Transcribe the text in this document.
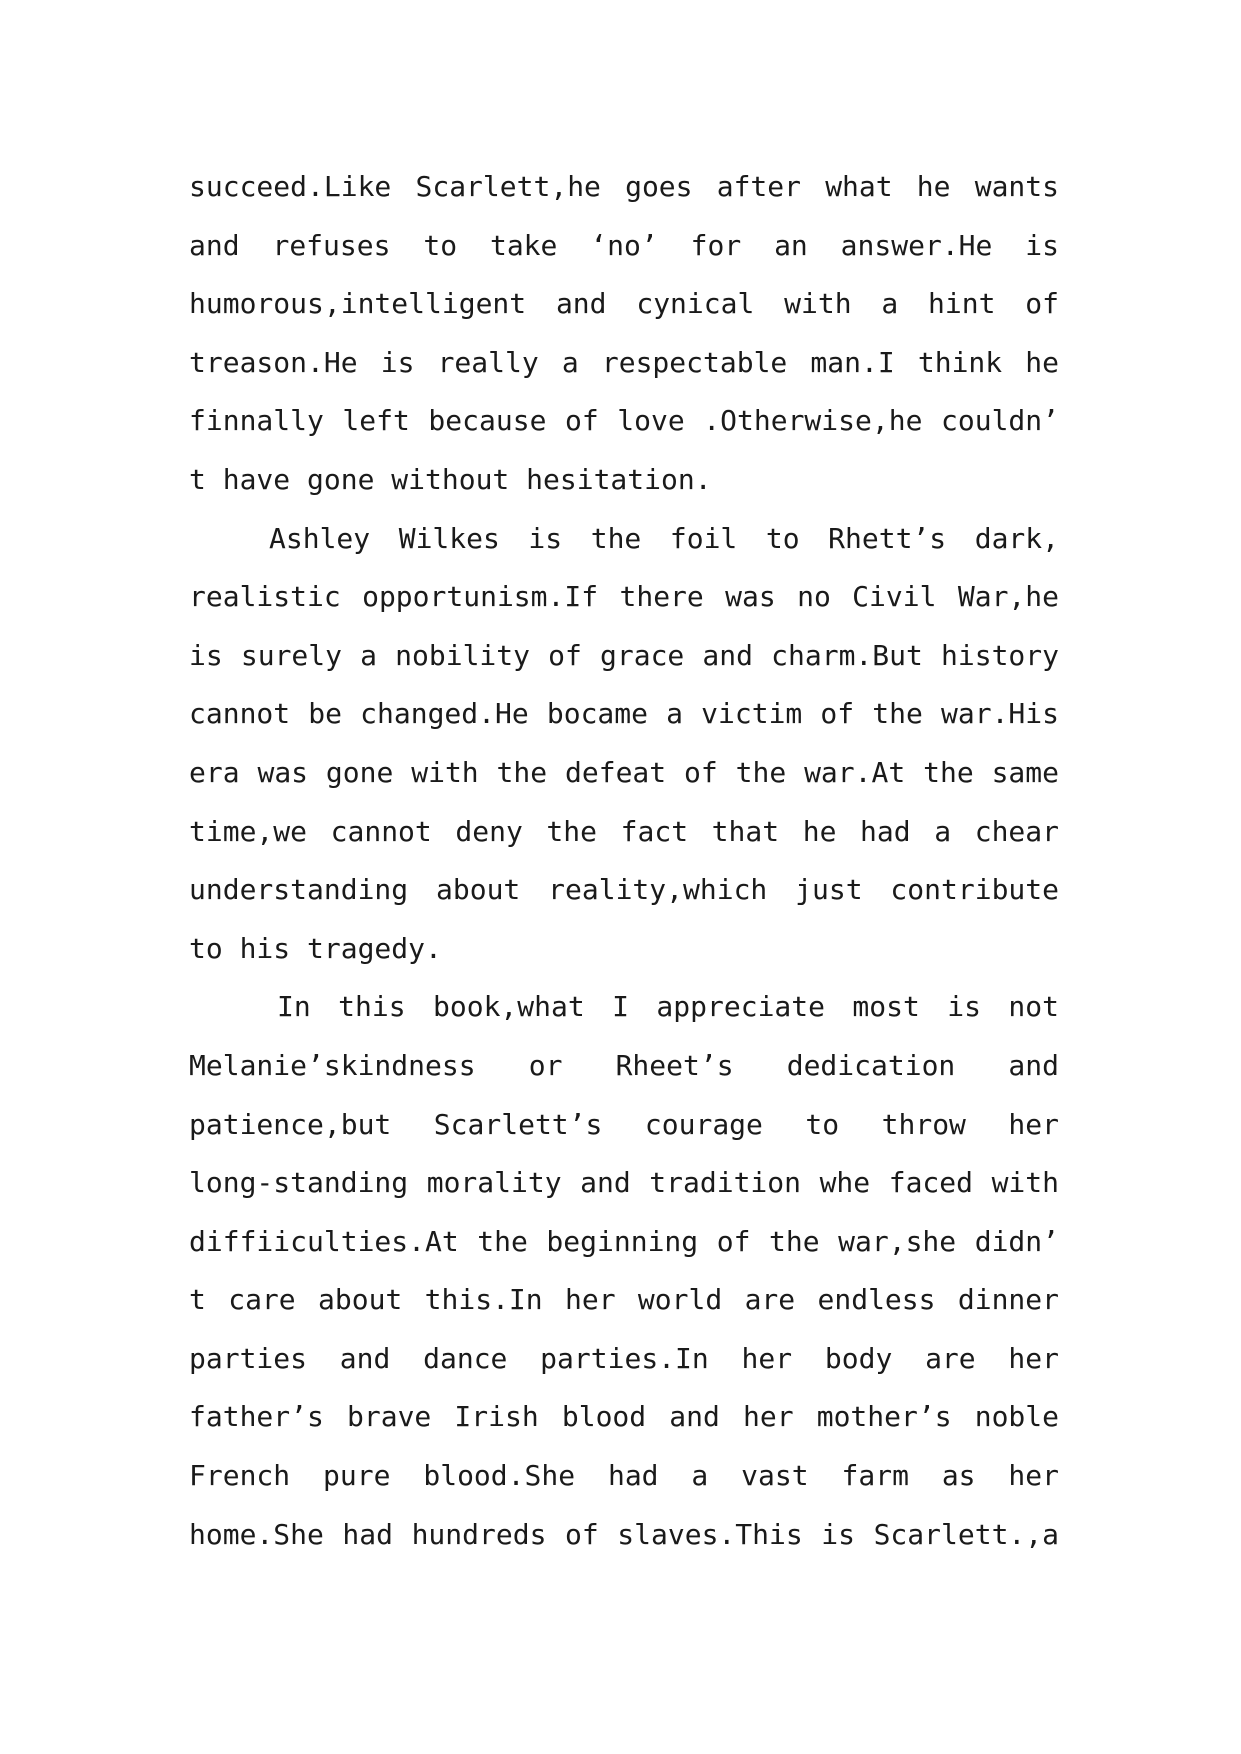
succeed.Like Scarlett,he goes after what he wants
and refuses to take ‘no’ for an answer.He is
humorous,intelligent and cynical with a hint of
treason.He is really a respectable man.I think he
finnally left because of love .Otherwise,he couldn’
t have gone without hesitation.
Ashley Wilkes is the foil to Rhett’s dark,
realistic opportunism.If there was no Civil War,he
is surely a nobility of grace and charm.But history
cannot be changed.He bocame a victim of the war.His
era was gone with the defeat of the war.At the same
time,we cannot deny the fact that he had a chear
understanding about reality,which just contribute
to his tragedy.
In this book,what I appreciate most is not
Melanie’skindness or Rheet’s dedication and
patience,but Scarlett’s courage to throw her
long-standing morality and tradition whe faced with
diffiiculties.At the beginning of the war,she didn’
t care about this.In her world are endless dinner
parties and dance parties.In her body are her
father’s brave Irish blood and her mother’s noble
French pure blood.She had a vast farm as her
home.She had hundreds of slaves.This is Scarlett.,a
